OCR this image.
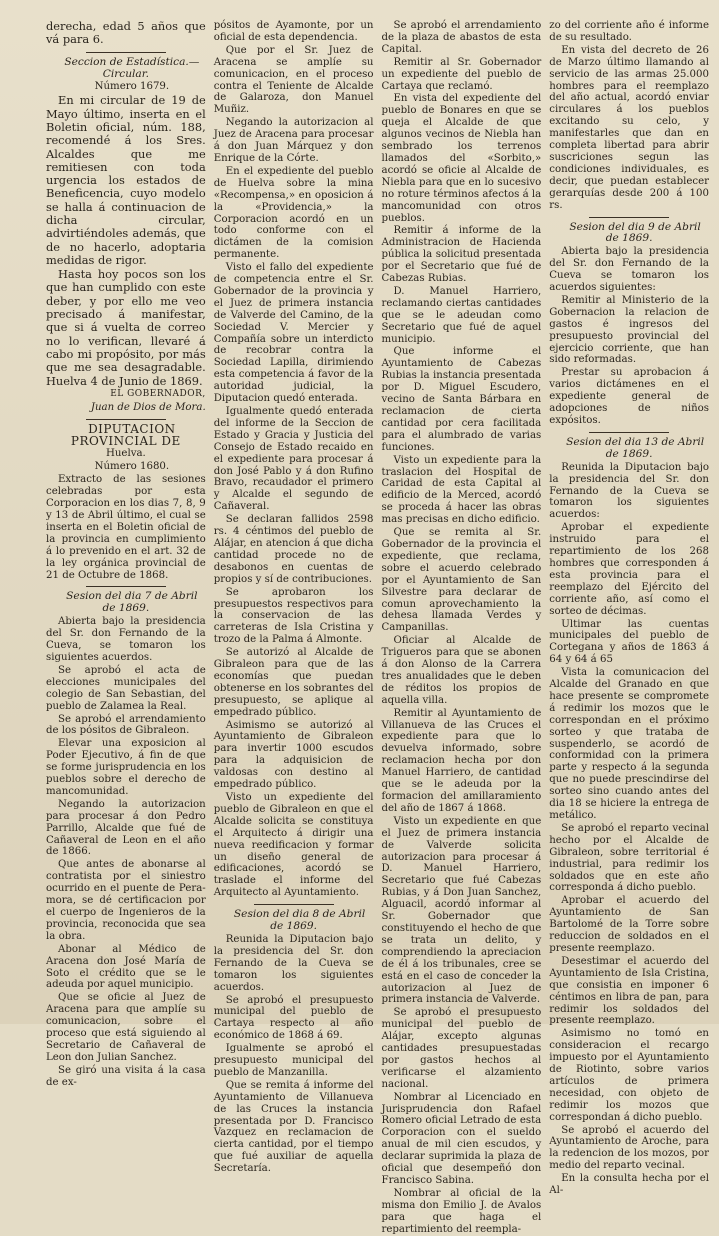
derecha, edad 5 años que vá para 6.

Seccion de Estadística.—Circular.

Número 1679.

En mi circular de 19 de Mayo último, inserta en el Boletin oficial, núm. 188, recomendé á los Sres. Alcaldes que me remitiesen con toda urgencia los estados de Beneficencia, cuyo modelo se halla á continuacion de dicha circular, advirtiéndoles además, que de no hacerlo, adoptaria medidas de rigor.

Hasta hoy pocos son los que han cumplido con este deber, y por ello me veo precisado á manifestar, que si á vuelta de correo no lo verifican, llevaré á cabo mi propósito, por más que me sea desagradable. Huelva 4 de Junio de 1869.

EL GOBERNADOR,

Juan de Dios de Mora.

DIPUTACION PROVINCIAL DE

Huelva.

Número 1680.

Extracto de las sesiones celebradas por esta Corporacion en los dias 7, 8, 9 y 13 de Abril último, el cual se inserta en el Boletin oficial de la provincia en cumplimiento á lo prevenido en el art. 32 de la ley orgánica provincial de 21 de Octubre de 1868.

Sesion del dia 7 de Abril de 1869.

Abierta bajo la presidencia del Sr. don Fernando de la Cueva, se tomaron los siguientes acuerdos.

Se aprobó el acta de elecciones municipales del colegio de San Sebastian, del pueblo de Zalamea la Real.

Se aprobó el arrendamiento de los pósitos de Gibraleon.

Elevar una exposicion al Poder Ejecutivo, á fin de que se forme jurisprudencia en los pueblos sobre el derecho de mancomunidad.

Negando la autorizacion para procesar á don Pedro Parrillo, Alcalde que fué de Cañaveral de Leon en el año de 1866.

Que antes de abonarse al contratista por el siniestro ocurrido en el puente de Pera-mora, se dé certificacion por el cuerpo de Ingenieros de la provincia, reconocida que sea la obra.

Abonar al Médico de Aracena don José María de Soto el crédito que se le adeuda por aquel municipio.

Que se oficie al Juez de Aracena para que amplíe su comunicacion, sobre el proceso que está siguiendo al Secretario de Cañaveral de Leon don Julian Sanchez.

Se giró una visita á la casa de ex-

pósitos de Ayamonte, por un oficial de esta dependencia.

Que por el Sr. Juez de Aracena se amplíe su comunicacion, en el proceso contra el Teniente de Alcalde de Galaroza, don Manuel Muñiz.

Negando la autorizacion al Juez de Aracena para procesar á don Juan Márquez y don Enrique de la Córte.

En el expediente del pueblo de Huelva sobre la mina «Recompensa,» en oposicion á la «Providencia,» la Corporacion acordó en un todo conforme con el dictámen de la comision permanente.

Visto el fallo del expediente de competencia entre el Sr. Gobernador de la provincia y el Juez de primera instancia de Valverde del Camino, de la Sociedad V. Mercier y Compañía sobre un interdicto de recobrar contra la Sociedad Lapilla, dirimiendo esta competencia á favor de la autoridad judicial, la Diputacion quedó enterada.

Igualmente quedó enterada del informe de la Seccion de Estado y Gracia y Justicia del Consejo de Estado recaido en el expediente para procesar á don José Pablo y á don Rufino Bravo, recaudador el primero y Alcalde el segundo de Cañaveral.

Se declaran fallidos 2598 rs. 4 céntimos del pueblo de Alájar, en atencion á que dicha cantidad procede no de desabonos en cuentas de propios y sí de contribuciones.

Se aprobaron los presupuestos respectivos para la conservacion de las carreteras de Isla Cristina y trozo de la Palma á Almonte.

Se autorizó al Alcalde de Gibraleon para que de las economías que puedan obtenerse en los sobrantes del presupuesto, se aplique al empedrado público.

Asimismo se autorizó al Ayuntamiento de Gibraleon para invertir 1000 escudos para la adquisicion de valdosas con destino al empedrado público.

Visto un expediente del pueblo de Gibraleon en que el Alcalde solicita se constituya el Arquitecto á dirigir una nueva reedificacion y formar un diseño general de edificaciones, acordó se traslade el informe del Arquitecto al Ayuntamiento.

Sesion del dia 8 de Abril de 1869.

Reunida la Diputacion bajo la presidencia del Sr. don Fernando de la Cueva se tomaron los siguientes acuerdos.

Se aprobó el presupuesto municipal del pueblo de Cartaya respecto al año económico de 1868 á 69.

Igualmente se aprobó el presupuesto municipal del pueblo de Manzanilla.

Que se remita á informe del Ayuntamiento de Villanueva de las Cruces la instancia presentada por D. Francisco Vazquez en reclamacion de cierta cantidad, por el tiempo que fué auxiliar de aquella Secretaría.

Se aprobó el arrendamiento de la plaza de abastos de esta Capital.

Remitir al Sr. Gobernador un expediente del pueblo de Cartaya que reclamó.

En vista del expediente del pueblo de Bonares en que se queja el Alcalde de que algunos vecinos de Niebla han sembrado los terrenos llamados del «Sorbito,» acordó se oficie al Alcalde de Niebla para que en lo sucesivo no roture términos afectos á la mancomunidad con otros pueblos.

Remitir á informe de la Administracion de Hacienda pública la solicitud presentada por el Secretario que fué de Cabezas Rubias.

D. Manuel Harriero, reclamando ciertas cantidades que se le adeudan como Secretario que fué de aquel municipio.

Que informe el Ayuntamiento de Cabezas Rubias la instancia presentada por D. Miguel Escudero, vecino de Santa Bárbara en reclamacion de cierta cantidad por cera facilitada para el alumbrado de varias funciones.

Visto un expediente para la traslacion del Hospital de Caridad de esta Capital al edificio de la Merced, acordó se proceda á hacer las obras mas precisas en dicho edificio.

Que se remita al Sr. Gobernador de la provincia el expediente, que reclama, sobre el acuerdo celebrado por el Ayuntamiento de San Silvestre para declarar de comun aprovechamiento la dehesa llamada Verdes y Campanillas.

Oficiar al Alcalde de Trigueros para que se abonen á don Alonso de la Carrera tres anualidades que le deben de réditos los propios de aquella villa.

Remitir al Ayuntamiento de Villanueva de las Cruces el expediente para que lo devuelva informado, sobre reclamacion hecha por don Manuel Harriero, de cantidad que se le adeuda por la formacion del amillaramiento del año de 1867 á 1868.

Visto un expediente en que el Juez de primera instancia de Valverde solicita autorizacion para procesar á D. Manuel Harriero, Secretario que fué Cabezas Rubias, y á Don Juan Sanchez, Alguacil, acordó informar al Sr. Gobernador que constituyendo el hecho de que se trata un delito, y comprendiendo la apreciacion de él á los tribunales, cree se está en el caso de conceder la autorizacion al Juez de primera instancia de Valverde.

Se aprobó el presupuesto municipal del pueblo de Alájar, excepto algunas cantidades presupuestadas por gastos hechos al verificarse el alzamiento nacional.

Nombrar al Licenciado en Jurisprudencia don Rafael Romero oficial Letrado de esta Corporacion con el sueldo anual de mil cien escudos, y declarar suprimida la plaza de oficial que desempeñó don Francisco Sabina.

Nombrar al oficial de la misma don Emilio J. de Avalos para que haga el repartimiento del reempla-

zo del corriente año é informe de su resultado.

En vista del decreto de 26 de Marzo último llamando al servicio de las armas 25.000 hombres para el reemplazo del año actual, acordó enviar circulares á los pueblos excitando su celo, y manifestarles que dan en completa libertad para abrir suscriciones segun las condiciones individuales, es decir, que puedan establecer gerarquías desde 200 á 100 rs.

Sesion del dia 9 de Abril de 1869.

Abierta bajo la presidencia del Sr. don Fernando de la Cueva se tomaron los acuerdos siguientes:

Remitir al Ministerio de la Gobernacion la relacion de gastos é ingresos del presupuesto provincial del ejercicio corriente, que han sido reformadas.

Prestar su aprobacion á varios dictámenes en el expediente general de adopciones de niños expósitos.

Sesion del dia 13 de Abril de 1869.

Reunida la Diputacion bajo la presidencia del Sr. don Fernando de la Cueva se tomaron los siguientes acuerdos:

Aprobar el expediente instruido para el repartimiento de los 268 hombres que corresponden á esta provincia para el reemplazo del Ejército del corriente año, así como el sorteo de décimas.

Ultimar las cuentas municipales del pueblo de Cortegana y años de 1863 á 64 y 64 á 65

Vista la comunicacion del Alcalde del Granado en que hace presente se compromete á redimir los mozos que le correspondan en el próximo sorteo y que trataba de suspenderlo, se acordó de conformidad con la primera parte y respecto á la segunda que no puede prescindirse del sorteo sino cuando antes del dia 18 se hiciere la entrega de metálico.

Se aprobó el reparto vecinal hecho por el Alcalde de Gibraleon, sobre territorial é industrial, para redimir los soldados que en este año corresponda á dicho pueblo.

Aprobar el acuerdo del Ayuntamiento de San Bartolomé de la Torre sobre reduccion de soldados en el presente reemplazo.

Desestimar el acuerdo del Ayuntamiento de Isla Cristina, que consistia en imponer 6 céntimos en libra de pan, para redimir los soldados del presente reemplazo.

Asimismo no tomó en consideracion el recargo impuesto por el Ayuntamiento de Riotinto, sobre varios artículos de primera necesidad, con objeto de redimir los mozos que correspondan á dicho pueblo.

Se aprobó el acuerdo del Ayuntamiento de Aroche, para la redencion de los mozos, por medio del reparto vecinal.

En la consulta hecha por el Al-
